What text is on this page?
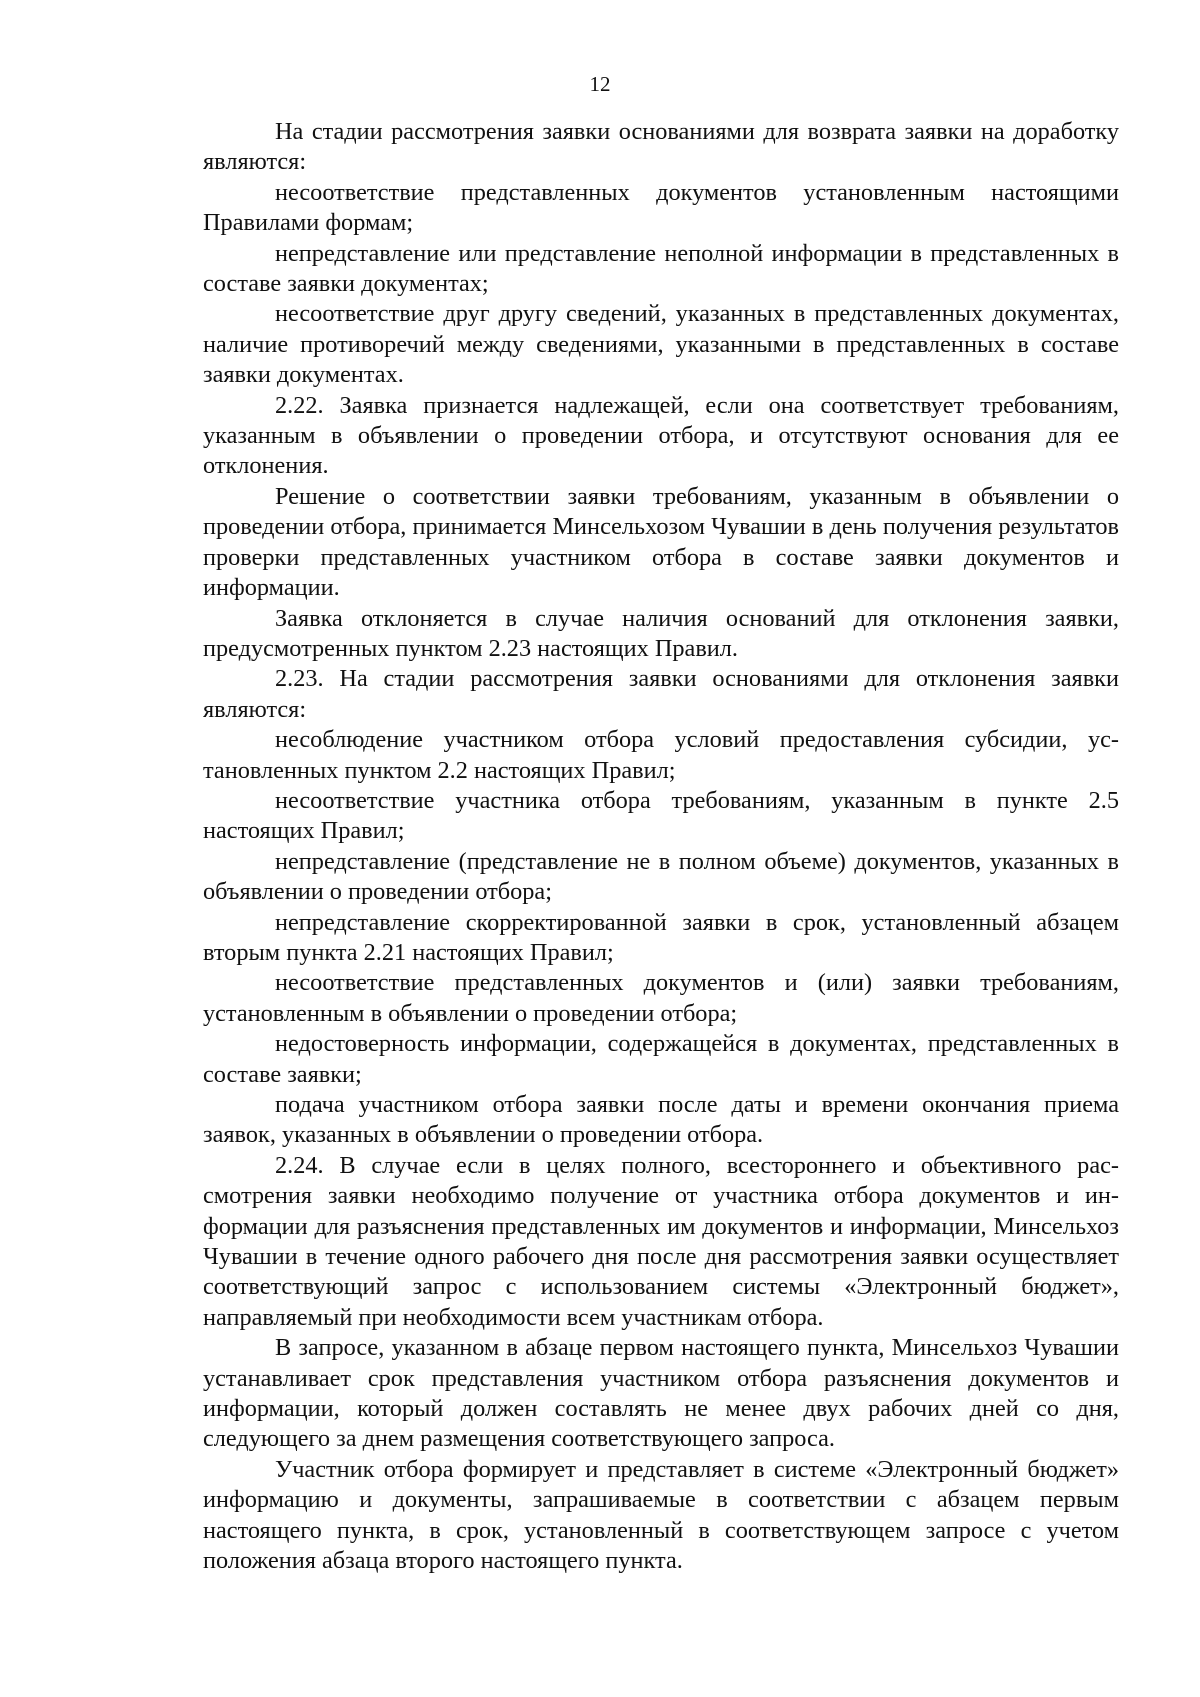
12

На стадии рассмотрения заявки основаниями для возврата заявки на доработку являются:

несоответствие представленных документов установленным настоящими Правилами формам;

непредставление или представление неполной информации в представленных в составе заявки документах;

несоответствие друг другу сведений, указанных в представленных документах, наличие противоречий между сведениями, указанными в представленных в составе заявки документах.

2.22. Заявка признается надлежащей, если она соответствует требованиям, указанным в объявлении о проведении отбора, и отсутствуют основания для ее отклонения.

Решение о соответствии заявки требованиям, указанным в объявлении о проведении отбора, принимается Минсельхозом Чувашии в день получения результатов проверки представленных участником отбора в составе заявки документов и информации.

Заявка отклоняется в случае наличия оснований для отклонения заявки, предусмотренных пунктом 2.23 настоящих Правил.

2.23. На стадии рассмотрения заявки основаниями для отклонения заявки являются:

несоблюдение участником отбора условий предоставления субсидии, установленных пунктом 2.2 настоящих Правил;

несоответствие участника отбора требованиям, указанным в пункте 2.5 настоящих Правил;

непредставление (представление не в полном объеме) документов, указанных в объявлении о проведении отбора;

непредставление скорректированной заявки в срок, установленный абзацем вторым пункта 2.21 настоящих Правил;

несоответствие представленных документов и (или) заявки требованиям, установленным в объявлении о проведении отбора;

недостоверность информации, содержащейся в документах, представленных в составе заявки;

подача участником отбора заявки после даты и времени окончания приема заявок, указанных в объявлении о проведении отбора.

2.24. В случае если в целях полного, всестороннего и объективного рассмотрения заявки необходимо получение от участника отбора документов и информации для разъяснения представленных им документов и информации, Минсельхоз Чувашии в течение одного рабочего дня после дня рассмотрения заявки осуществляет соответствующий запрос с использованием системы «Электронный бюджет», направляемый при необходимости всем участникам отбора.

В запросе, указанном в абзаце первом настоящего пункта, Минсельхоз Чувашии устанавливает срок представления участником отбора разъяснения документов и информации, который должен составлять не менее двух рабочих дней со дня, следующего за днем размещения соответствующего запроса.

Участник отбора формирует и представляет в системе «Электронный бюджет» информацию и документы, запрашиваемые в соответствии с абзацем первым настоящего пункта, в срок, установленный в соответствующем запросе с учетом положения абзаца второго настоящего пункта.
